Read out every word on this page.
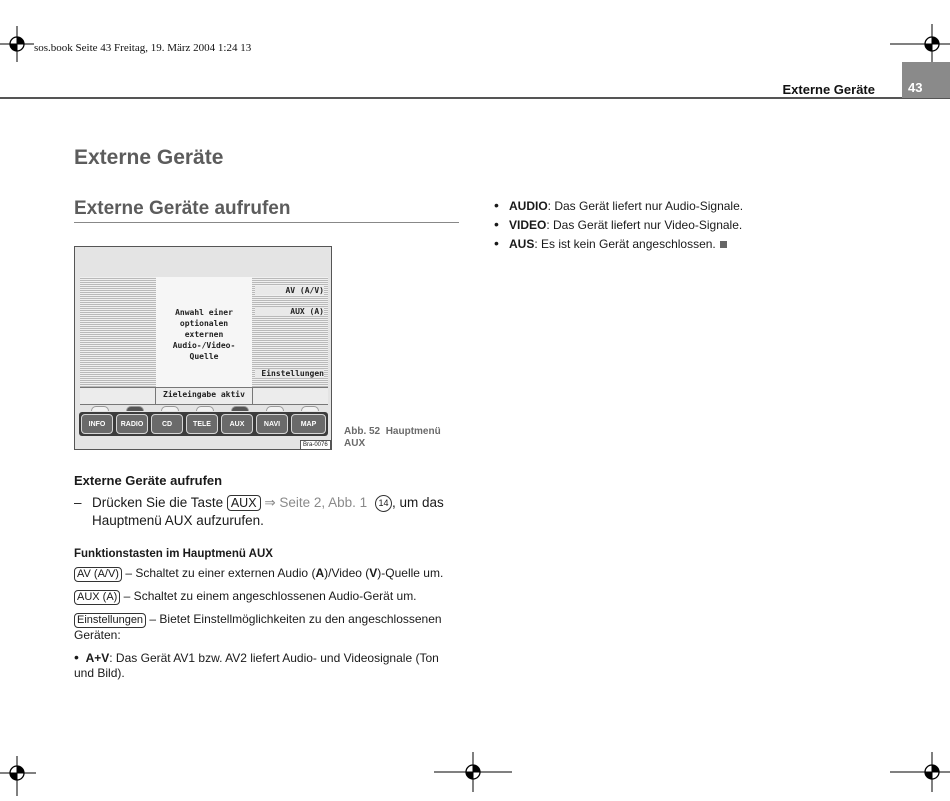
sos.book Seite 43 Freitag, 19. März 2004 1:24 13
Externe Geräte	43
Externe Geräte
Externe Geräte aufrufen
Anwahl einer optionalen externen Audio-/Video-Quelle
AV (A/V)
AUX (A)
Einstellungen
Zieleingabe aktiv
INFO	RADIO	CD	TELE	AUX	NAVI	MAP
Bra-0076
Abb. 52 Hauptmenü AUX
Externe Geräte aufrufen
– Drücken Sie die Taste AUX ⇒ Seite 2, Abb. 1 14 , um das Hauptmenü AUX aufzurufen.
Funktionstasten im Hauptmenü AUX
AV (A/V) – Schaltet zu einer externen Audio (A)/Video (V)-Quelle um.
AUX (A) – Schaltet zu einem angeschlossenen Audio-Gerät um.
Einstellungen – Bietet Einstellmöglichkeiten zu den angeschlossenen Geräten:
• A+V: Das Gerät AV1 bzw. AV2 liefert Audio- und Videosignale (Ton und Bild).
• AUDIO: Das Gerät liefert nur Audio-Signale.
• VIDEO: Das Gerät liefert nur Video-Signale.
• AUS: Es ist kein Gerät angeschlossen.
